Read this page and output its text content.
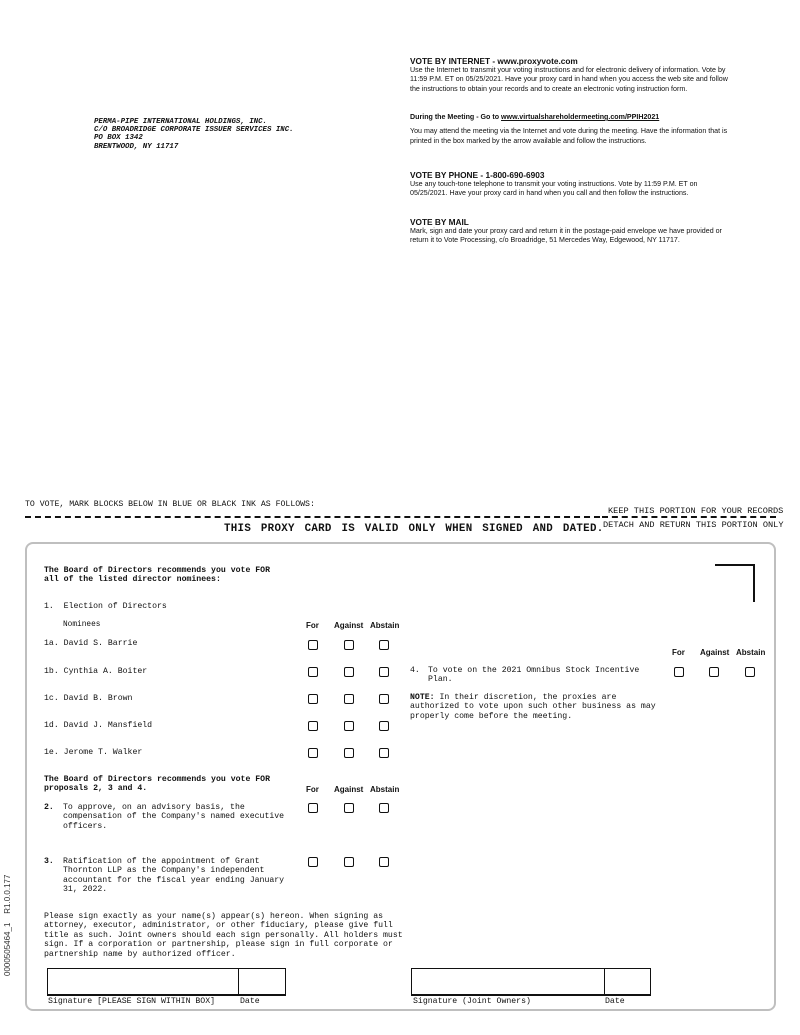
PERMA-PIPE INTERNATIONAL HOLDINGS, INC.
C/O BROADRIDGE CORPORATE ISSUER SERVICES INC.
PO BOX 1342
BRENTWOOD, NY 11717
VOTE BY INTERNET - www.proxyvote.com

Use the Internet to transmit your voting instructions and for electronic delivery of information. Vote by 11:59 P.M. ET on 05/25/2021. Have your proxy card in hand when you access the web site and follow the instructions to obtain your records and to create an electronic voting instruction form.

During the Meeting - Go to www.virtualshareholdermeeting.com/PPIH2021

You may attend the meeting via the Internet and vote during the meeting. Have the information that is printed in the box marked by the arrow available and follow the instructions.

VOTE BY PHONE - 1-800-690-6903

Use any touch-tone telephone to transmit your voting instructions. Vote by 11:59 P.M. ET on 05/25/2021. Have your proxy card in hand when you call and then follow the instructions.

VOTE BY MAIL

Mark, sign and date your proxy card and return it in the postage-paid envelope we have provided or return it to Vote Processing, c/o Broadridge, 51 Mercedes Way, Edgewood, NY 11717.

TO VOTE, MARK BLOCKS BELOW IN BLUE OR BLACK INK AS FOLLOWS:
KEEP THIS PORTION FOR YOUR RECORDS
DETACH AND RETURN THIS PORTION ONLY
THIS PROXY CARD IS VALID ONLY WHEN SIGNED AND DATED.
The Board of Directors recommends you vote FOR
all of the listed director nominees:
1.  Election of Directors
Nominees	For Against Abstain
1a. David S. Barrie
1b. Cynthia A. Boiter
1c. David B. Brown
1d. David J. Mansfield
1e. Jerome T. Walker
The Board of Directors recommends you vote FOR
proposals 2, 3 and 4.	For Against Abstain
2. To approve, on an advisory basis, the
compensation of the Company's named executive
officers.
3. Ratification of the appointment of Grant
Thornton LLP as the Company's independent
accountant for the fiscal year ending January
31, 2022.
For Against Abstain
4. To vote on the 2021 Omnibus Stock Incentive
Plan.
NOTE: In their discretion, the proxies are
authorized to vote upon such other business as may
properly come before the meeting.
Please sign exactly as your name(s) appear(s) hereon. When signing as
attorney, executor, administrator, or other fiduciary, please give full
title as such. Joint owners should each sign personally. All holders must
sign. If a corporation or partnership, please sign in full corporate or
partnership name by authorized officer.
Signature [PLEASE SIGN WITHIN BOX]	Date	Signature (Joint Owners)	Date
0000505464_1    R1.0.0.177
